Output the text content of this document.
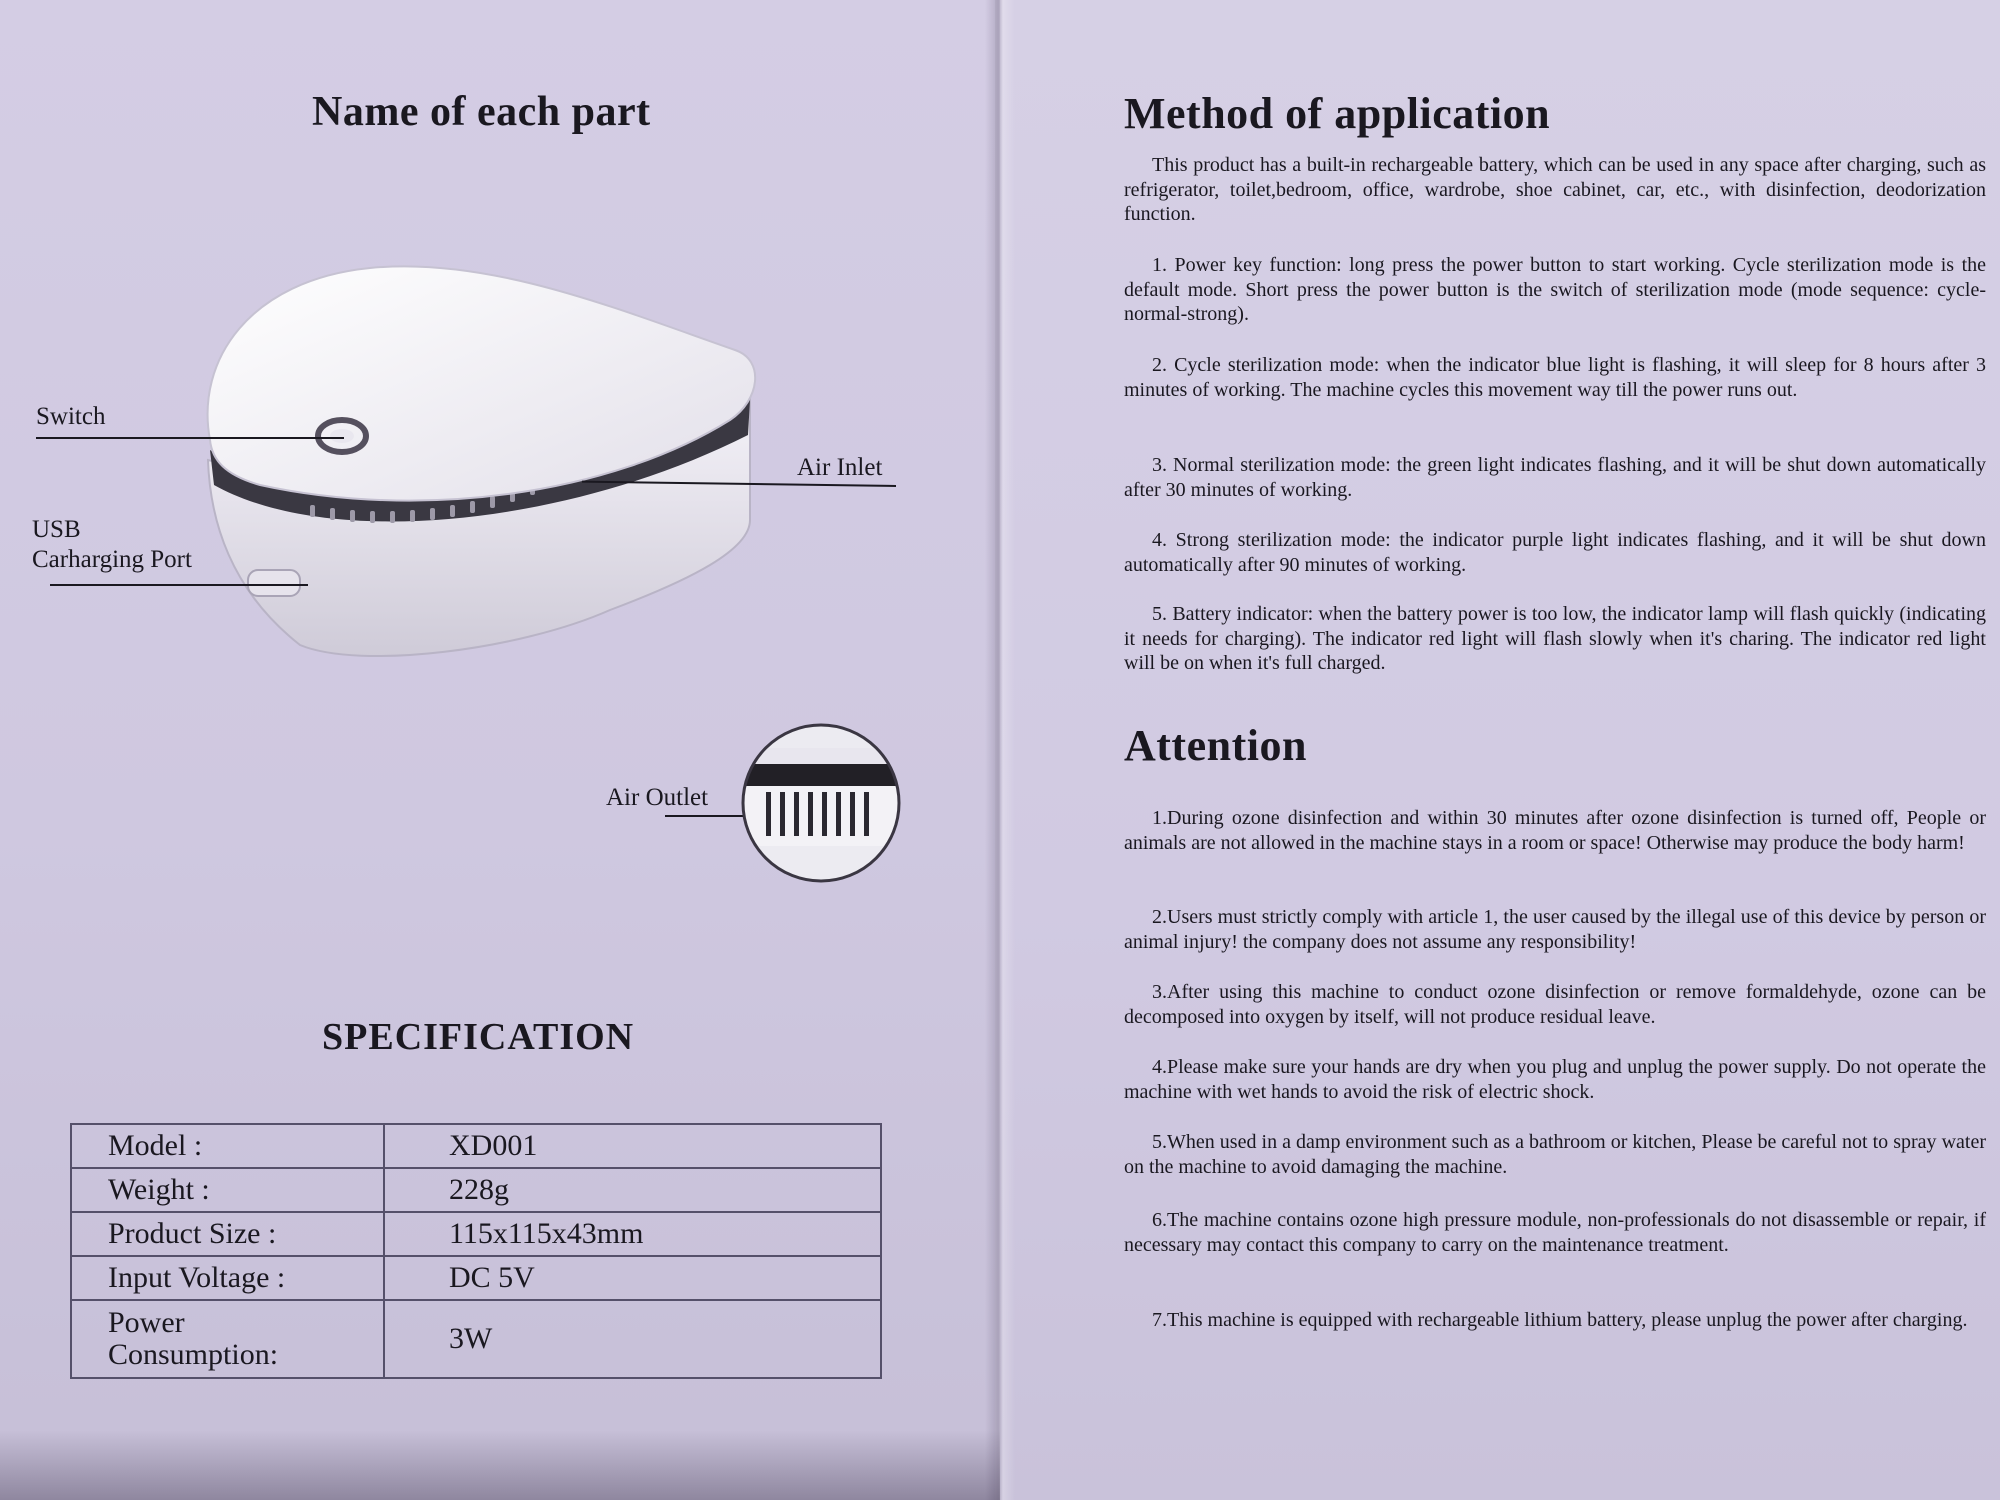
Name of each part
Switch
USB
Carharging Port
Air Inlet
Air Outlet
SPECIFICATION
Model :	XD001
Weight :	228g
Product Size :	115x115x43mm
Input Voltage :	DC 5V
Power
Consumption:	3W
Method of application

This product has a built-in rechargeable battery, which can be used in any space after charging, such as refrigerator, toilet,bedroom, office, wardrobe, shoe cabinet, car, etc., with disinfection, deodorization function.

1. Power key function: long press the power button to start working. Cycle sterilization mode is the default mode. Short press the power button is the switch of sterilization mode (mode sequence: cycle-normal-strong).

2. Cycle sterilization mode: when the indicator blue light is flashing, it will sleep for 8 hours after 3 minutes of working. The machine cycles this movement way till the power runs out.

3. Normal sterilization mode: the green light indicates flashing, and it will be shut down automatically after 30 minutes of working.

4. Strong sterilization mode: the indicator purple light indicates flashing, and it will be shut down automatically after 90 minutes of working.

5. Battery indicator: when the battery power is too low, the indicator lamp will flash quickly (indicating it needs for charging). The indicator red light will flash slowly when it's charing. The indicator red light will be on when it's full charged.

Attention

1.During ozone disinfection and within 30 minutes after ozone disinfection is turned off, People or animals are not allowed in the machine stays in a room or space! Otherwise may produce the body harm!

2.Users must strictly comply with article 1, the user caused by the illegal use of this device by person or animal injury! the company does not assume any responsibility!

3.After using this machine to conduct ozone disinfection or remove formaldehyde, ozone can be decomposed into oxygen by itself, will not produce residual leave.

4.Please make sure your hands are dry when you plug and unplug the power supply. Do not operate the machine with wet hands to avoid the risk of electric shock.

5.When used in a damp environment such as a bathroom or kitchen, Please be careful not to spray water on the machine to avoid damaging the machine.

6.The machine contains ozone high pressure module, non-professionals do not disassemble or repair, if necessary may contact this company to carry on the maintenance treatment.

7.This machine is equipped with rechargeable lithium battery, please unplug the power after charging.
